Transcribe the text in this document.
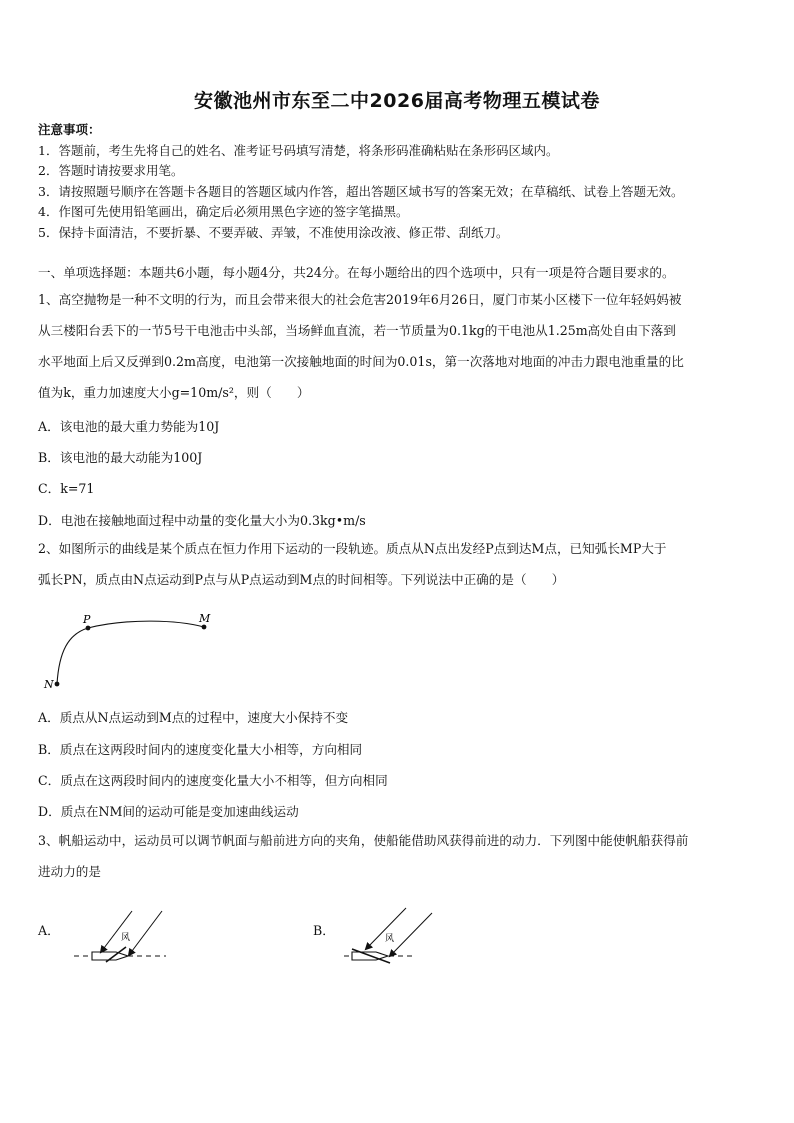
安徽池州市东至二中2026届高考物理五模试卷
注意事项：
1．答题前，考生先将自己的姓名、准考证号码填写清楚，将条形码准确粘贴在条形码区域内。
2．答题时请按要求用笔。
3．请按照题号顺序在答题卡各题目的答题区域内作答，超出答题区域书写的答案无效；在草稿纸、试卷上答题无效。
4．作图可先使用铅笔画出，确定后必须用黑色字迹的签字笔描黑。
5．保持卡面清洁，不要折暴、不要弄破、弄皱，不准使用涂改液、修正带、刮纸刀。
一、单项选择题：本题共6小题，每小题4分，共24分。在每小题给出的四个选项中，只有一项是符合题目要求的。
1、高空抛物是一种不文明的行为，而且会带来很大的社会危害2019年6月26日，厦门市某小区楼下一位年轻妈妈被
从三楼阳台丢下的一节5号干电池击中头部，当场鲜血直流，若一节质量为0.1kg的干电池从1.25m高处自由下落到
水平地面上后又反弹到0.2m高度，电池第一次接触地面的时间为0.01s，第一次落地对地面的冲击力跟电池重量的比
值为k，重力加速度大小g=10m/s²，则（　　）
A．该电池的最大重力势能为10J
B．该电池的最大动能为100J
C．k=71
D．电池在接触地面过程中动量的变化量大小为0.3kg•m/s
2、如图所示的曲线是某个质点在恒力作用下运动的一段轨迹。质点从N点出发经P点到达M点，已知弧长MP大于
弧长PN，质点由N点运动到P点与从P点运动到M点的时间相等。下列说法中正确的是（　　）
P	M
N
A．质点从N点运动到M点的过程中，速度大小保持不变
B．质点在这两段时间内的速度变化量大小相等，方向相同
C．质点在这两段时间内的速度变化量大小不相等，但方向相同
D．质点在NM间的运动可能是变加速曲线运动
3、帆船运动中，运动员可以调节帆面与船前进方向的夹角，使船能借助风获得前进的动力．下列图中能使帆船获得前
进动力的是
A．	风	B．
风
